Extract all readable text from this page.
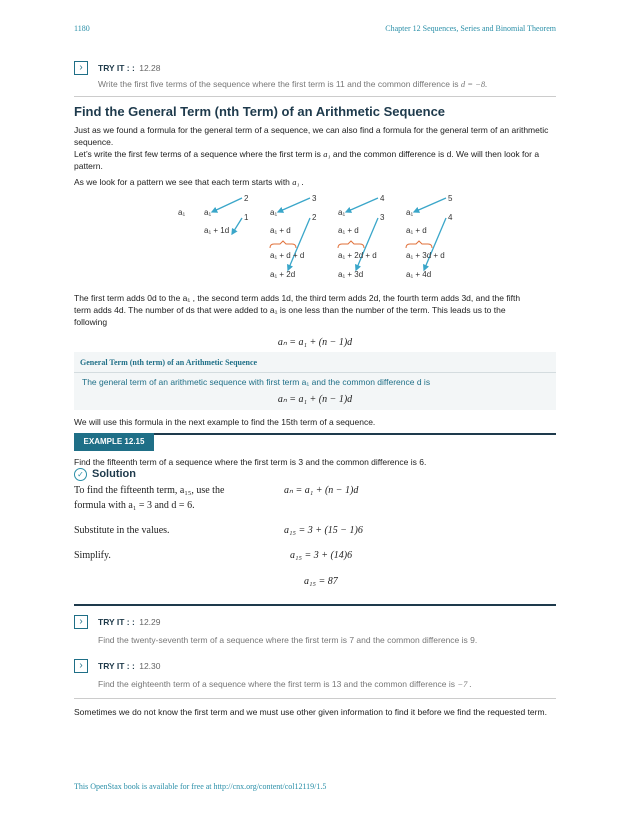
1180	Chapter 12 Sequences, Series and Binomial Theorem
›	TRY IT : : 12.28
Write the first five terms of the sequence where the first term is 11 and the common difference is d = −8.
Find the General Term (nth Term) of an Arithmetic Sequence
Just as we found a formula for the general term of a sequence, we can also find a formula for the general term of an arithmetic sequence.
Let’s write the first few terms of a sequence where the first term is a₁ and the common difference is d. We will then look for a pattern.
As we look for a pattern we see that each term starts with a₁ .
a₁ a₁
a₁ + 1d
a₁
a₁ + d
a₁ + d + d
a₁ + 2d
a₁
a₁ + d
a₁ + 2d + d
a₁ + 3d
a₁
a₁ + d
a₁ + 3d + d
a₁ + 4d
2
1
3
2
4
3
5
4
The first term adds 0d to the a₁ , the second term adds 1d, the third term adds 2d, the fourth term adds 3d, and the fifth
term adds 4d. The number of ds that were added to a₁ is one less than the number of the term. This leads us to the
following
aₙ = a₁ + (n − 1)d
General Term (nth term) of an Arithmetic Sequence
The general term of an arithmetic sequence with first term a₁ and the common difference d is
aₙ = a₁ + (n − 1)d
We will use this formula in the next example to find the 15th term of a sequence.
EXAMPLE 12.15
Find the fifteenth term of a sequence where the first term is 3 and the common difference is 6.
✓ Solution
To find the fifteenth term, a₁₅, use the
formula with a₁ = 3 and d = 6.
aₙ = a₁ + (n − 1)d
Substitute in the values.	a₁₅ = 3 + (15 − 1)6
Simplify.	a₁₅ = 3 + (14)6
a₁₅ = 87
›	TRY IT : : 12.29
Find the twenty-seventh term of a sequence where the first term is 7 and the common difference is 9.
›	TRY IT : : 12.30
Find the eighteenth term of a sequence where the first term is 13 and the common difference is −7 .
Sometimes we do not know the first term and we must use other given information to find it before we find the requested term.
This OpenStax book is available for free at http://cnx.org/content/col12119/1.5
